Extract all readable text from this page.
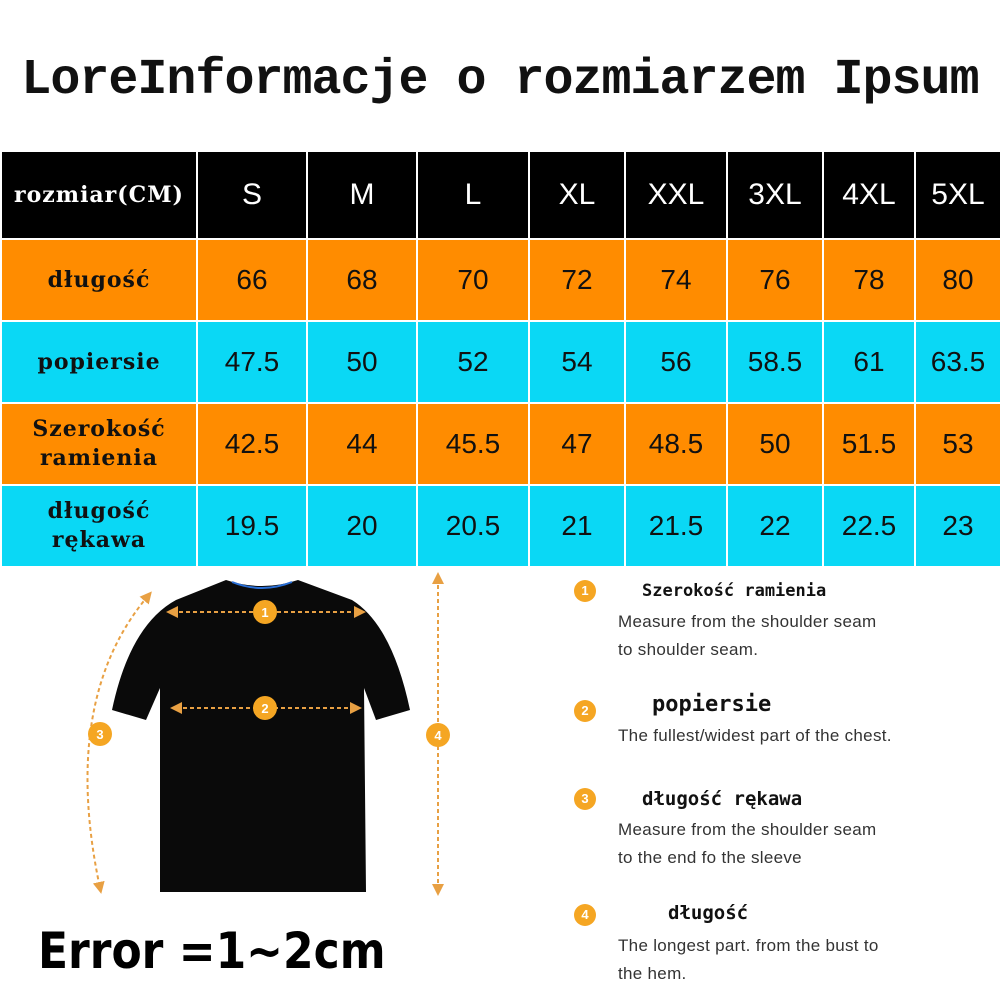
LoreInformacje o rozmiarzem Ipsum
rozmiar(CM)	S	M	L	XL	XXL	3XL	4XL	5XL

długość	66	68	70	72	74	76	78	80

popiersie	47.5	50	52	54	56	58.5	61	63.5

Szerokość
ramienia	42.5	44	45.5	47	48.5	50	51.5	53

długość
rękawa	19.5	20	20.5	21	21.5	22	22.5	23
1
2
3	4
Error =1~2cm
1	Szerokość ramienia
Measure from the shoulder seam
to shoulder seam.
2	popiersie
The fullest/widest part of the chest.
3	długość rękawa
Measure from the shoulder seam
to the end fo the sleeve
4	długość
The longest part. from the bust to
the hem.
